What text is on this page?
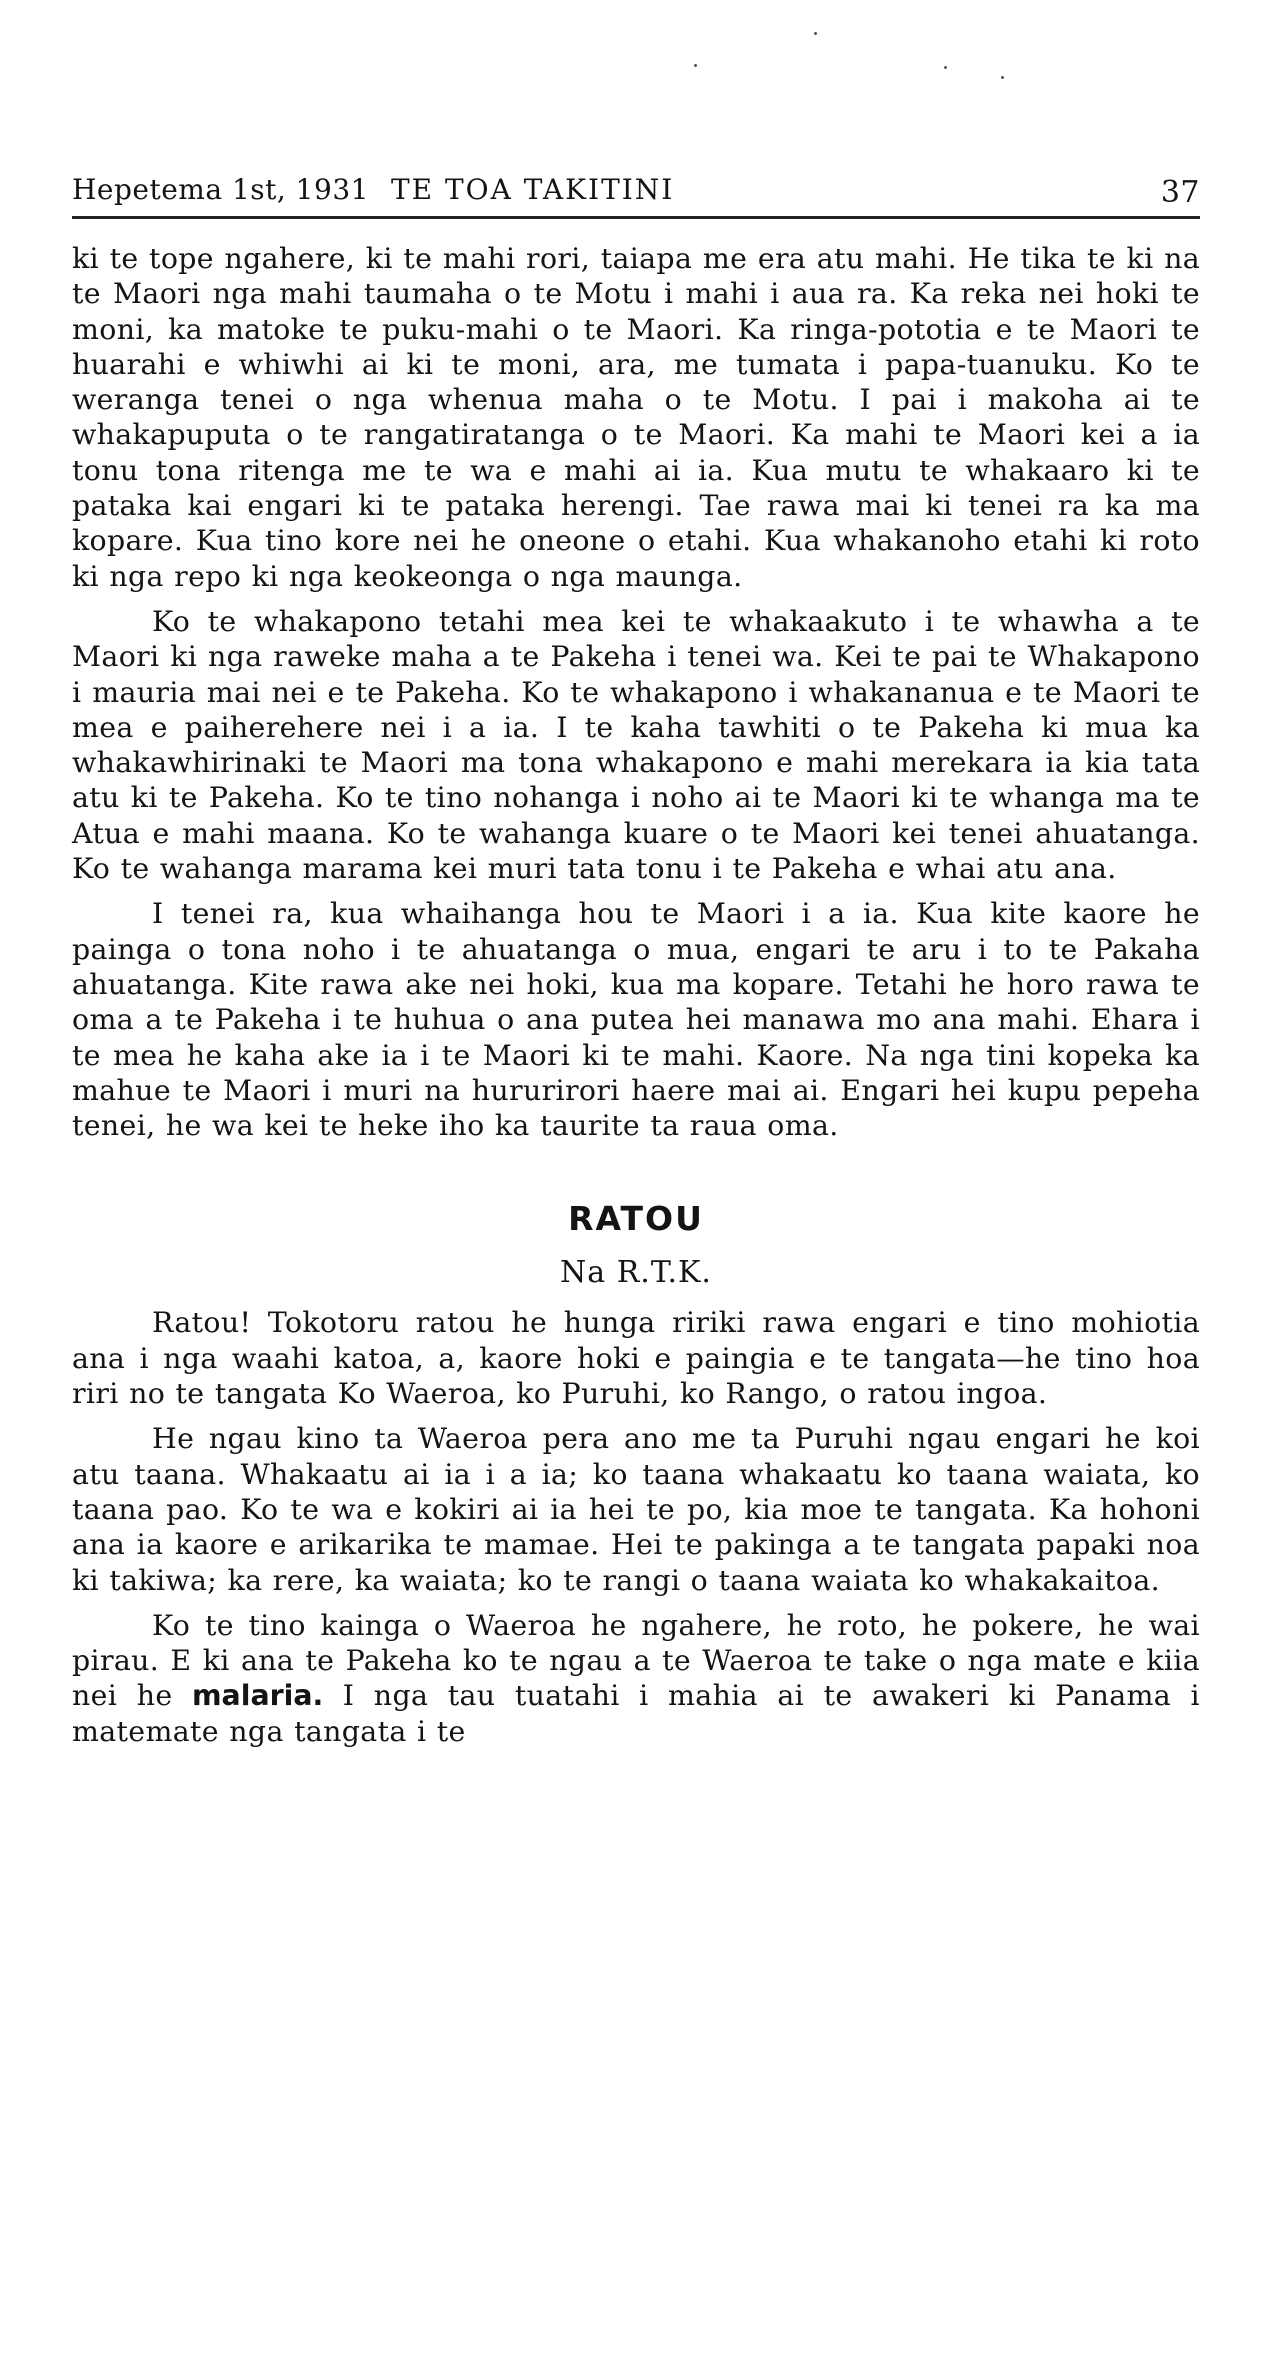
Hepetema 1st, 1931 TE TOA TAKITINI	37

ki te tope ngahere, ki te mahi rori, taiapa me era atu mahi. He tika te ki na te Maori nga mahi taumaha o te Motu i mahi i aua ra. Ka reka nei hoki te moni, ka matoke te puku-mahi o te Maori. Ka ringa-pototia e te Maori te huarahi e whiwhi ai ki te moni, ara, me tumata i papa-tuanuku. Ko te weranga tenei o nga whenua maha o te Motu. I pai i makoha ai te whakapuputa o te rangatiratanga o te Maori. Ka mahi te Maori kei a ia tonu tona ritenga me te wa e mahi ai ia. Kua mutu te whakaaro ki te pataka kai engari ki te pataka herengi. Tae rawa mai ki tenei ra ka ma kopare. Kua tino kore nei he oneone o etahi. Kua whakanoho etahi ki roto ki nga repo ki nga keokeonga o nga maunga.

Ko te whakapono tetahi mea kei te whakaakuto i te whawha a te Maori ki nga raweke maha a te Pakeha i tenei wa. Kei te pai te Whakapono i mauria mai nei e te Pakeha. Ko te whakapono i whakananua e te Maori te mea e paiherehere nei i a ia. I te kaha tawhiti o te Pakeha ki mua ka whakawhirinaki te Maori ma tona whakapono e mahi merekara ia kia tata atu ki te Pakeha. Ko te tino nohanga i noho ai te Maori ki te whanga ma te Atua e mahi maana. Ko te wahanga kuare o te Maori kei tenei ahuatanga. Ko te wahanga marama kei muri tata tonu i te Pakeha e whai atu ana.

I tenei ra, kua whaihanga hou te Maori i a ia. Kua kite kaore he painga o tona noho i te ahuatanga o mua, engari te aru i to te Pakaha ahuatanga. Kite rawa ake nei hoki, kua ma kopare. Tetahi he horo rawa te oma a te Pakeha i te huhua o ana putea hei manawa mo ana mahi. Ehara i te mea he kaha ake ia i te Maori ki te mahi. Kaore. Na nga tini kopeka ka mahue te Maori i muri na hururirori haere mai ai. Engari hei kupu pepeha tenei, he wa kei te heke iho ka taurite ta raua oma.

RATOU
Na R.T.K.

Ratou! Tokotoru ratou he hunga ririki rawa engari e tino mohiotia ana i nga waahi katoa, a, kaore hoki e paingia e te tangata—he tino hoa riri no te tangata Ko Waeroa, ko Puruhi, ko Rango, o ratou ingoa.

He ngau kino ta Waeroa pera ano me ta Puruhi ngau engari he koi atu taana. Whakaatu ai ia i a ia; ko taana whakaatu ko taana waiata, ko taana pao. Ko te wa e kokiri ai ia hei te po, kia moe te tangata. Ka hohoni ana ia kaore e arikarika te mamae. Hei te pakinga a te tangata papaki noa ki takiwa; ka rere, ka waiata; ko te rangi o taana waiata ko whakakaitoa.

Ko te tino kainga o Waeroa he ngahere, he roto, he pokere, he wai pirau. E ki ana te Pakeha ko te ngau a te Waeroa te take o nga mate e kiia nei he malaria. I nga tau tuatahi i mahia ai te awakeri ki Panama i matemate nga tangata i te
